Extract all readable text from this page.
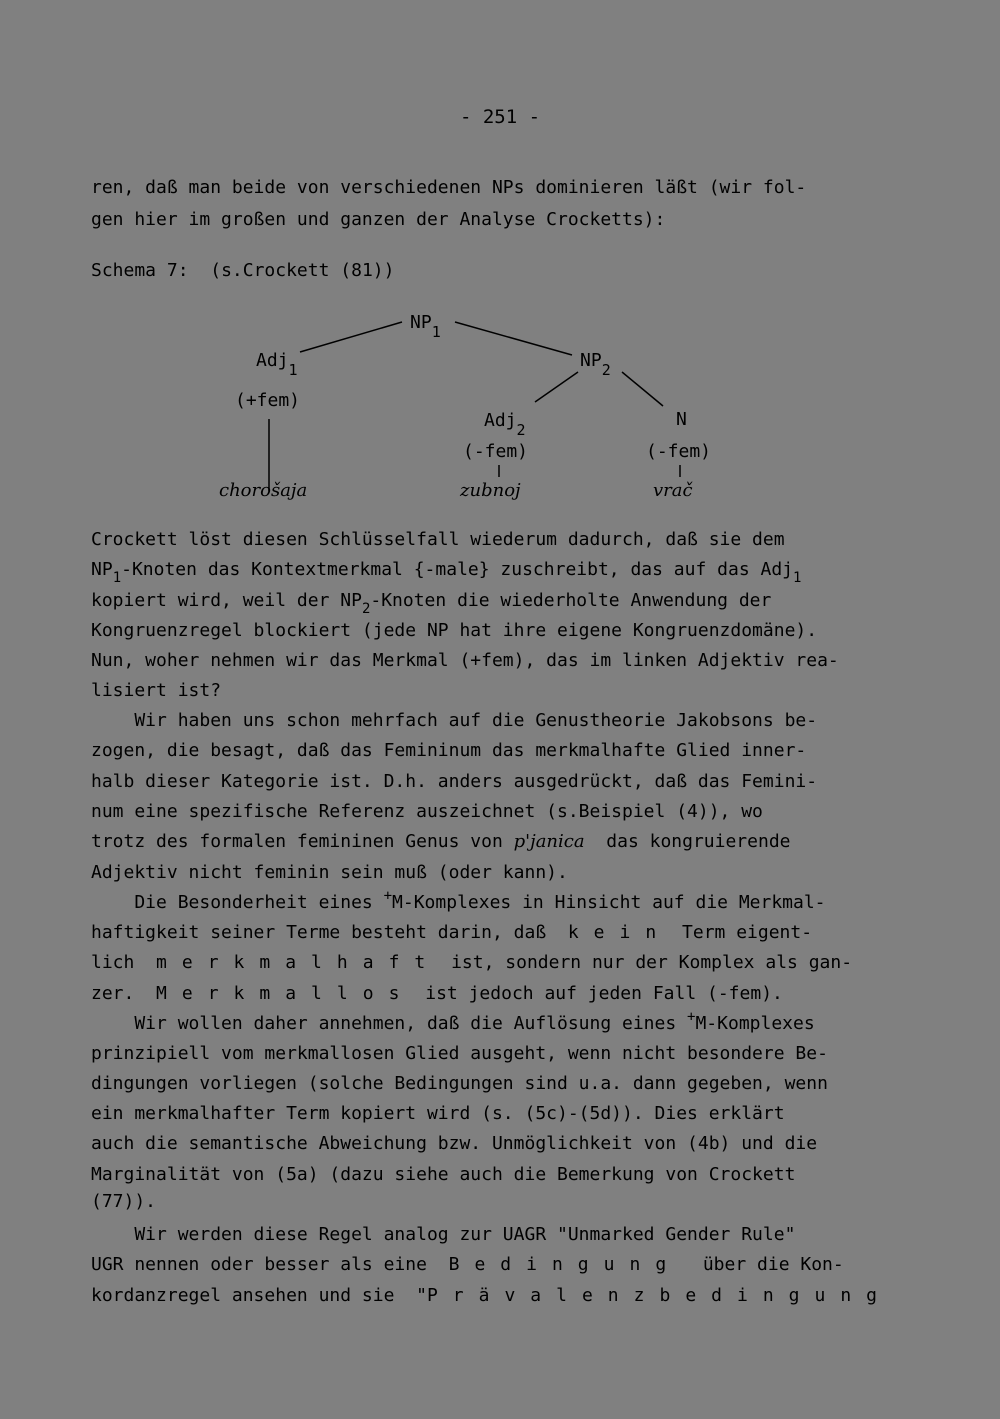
- 251 -
ren, daß man beide von verschiedenen NPs dominieren läßt (wir fol-
gen hier im großen und ganzen der Analyse Crocketts):
Schema 7: (s.Crockett (81))
$NP_1$
Adj$_1$	$NP_2$
(+fem)
Adj$_2$	N
(-fem)	(-fem)
chorošaja	zubnoj	vrač
Crockett löst diesen Schlüsselfall wiederum dadurch, daß sie dem
$NP_1$-Knoten das Kontextmerkmal {-male} zuschreibt, das auf das Adj$_1$
kopiert wird, weil der $NP_2$-Knoten die wiederholte Anwendung der
Kongruenzregel blockiert (jede NP hat ihre eigene Kongruenzdomäne).
Nun, woher nehmen wir das Merkmal (+fem), das im linken Adjektiv rea-
lisiert ist?
Wir haben uns schon mehrfach auf die Genustheorie Jakobsons be-
zogen, die besagt, daß das Femininum das merkmalhafte Glied inner-
halb dieser Kategorie ist. D.h. anders ausgedrückt, daß das Femini-
num eine spezifische Referenz auszeichnet (s.Beispiel (4)), wo
trotz des formalen femininen Genus von p'janica  das kongruierende
Adjektiv nicht feminin sein muß (oder kann).
Die Besonderheit eines +M-Komplexes in Hinsicht auf die Merkmal-
haftigkeit seiner Terme besteht darin, daß  kein Term eigent-
lich  merkmalhaft ist, sondern nur der Komplex als gan-
zer.  Merkmallos ist jedoch auf jeden Fall (-fem).
Wir wollen daher annehmen, daß die Auflösung eines +M-Komplexes
prinzipiell vom merkmallosen Glied ausgeht, wenn nicht besondere Be-
dingungen vorliegen (solche Bedingungen sind u.a. dann gegeben, wenn
ein merkmalhafter Term kopiert wird (s. (5c)-(5d)). Dies erklärt
auch die semantische Abweichung bzw. Unmöglichkeit von (4b) und die
Marginalität von (5a) (dazu siehe auch die Bemerkung von Crockett
(77)).
Wir werden diese Regel analog zur UAGR "Unmarked Gender Rule"
UGR nennen oder besser als eine  Bedingung  über die Kon-
kordanzregel ansehen und sie  "Prävalenzbedingung
